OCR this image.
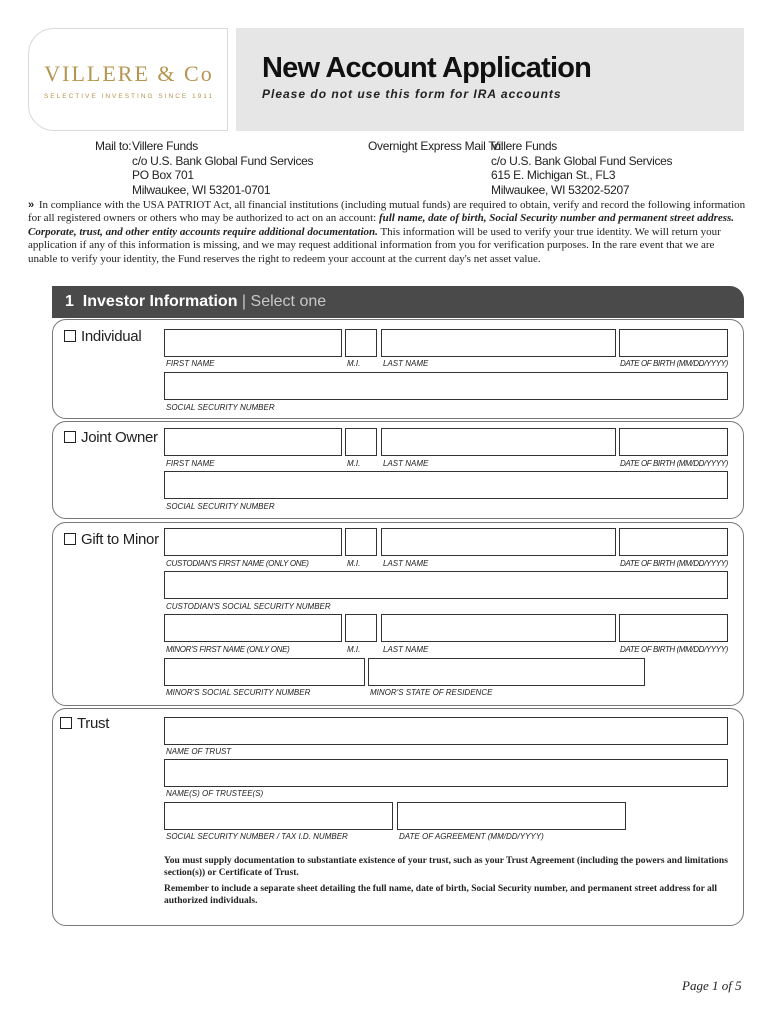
VILLERE & Co
SELECTIVE INVESTING SINCE 1911
New Account Application
Please do not use this form for IRA accounts
Mail to: Villere Funds
c/o U.S. Bank Global Fund Services
PO Box 701
Milwaukee, WI 53201-0701
Overnight Express Mail To:
Villere Funds
c/o U.S. Bank Global Fund Services
615 E. Michigan St., FL3
Milwaukee, WI 53202-5207
» In compliance with the USA PATRIOT Act, all financial institutions (including mutual funds) are required to obtain, verify and record the following information for all registered owners or others who may be authorized to act on an account: full name, date of birth, Social Security number and permanent street address. Corporate, trust, and other entity accounts require additional documentation. This information will be used to verify your true identity. We will return your application if any of this information is missing, and we may request additional information from you for verification purposes. In the rare event that we are unable to verify your identity, the Fund reserves the right to redeem your account at the current day's net asset value.
1 Investor Information | Select one
Individual
FIRST NAME	M.I.	LAST NAME	DATE OF BIRTH (MM/DD/YYYY)
SOCIAL SECURITY NUMBER
Joint Owner
FIRST NAME	M.I.	LAST NAME	DATE OF BIRTH (MM/DD/YYYY)
SOCIAL SECURITY NUMBER
Gift to Minor
CUSTODIAN'S FIRST NAME (ONLY ONE)	M.I.	LAST NAME	DATE OF BIRTH (MM/DD/YYYY)
CUSTODIAN'S SOCIAL SECURITY NUMBER
MINOR'S FIRST NAME (ONLY ONE)	M.I.	LAST NAME	DATE OF BIRTH (MM/DD/YYYY)
MINOR'S SOCIAL SECURITY NUMBER	MINOR'S STATE OF RESIDENCE
Trust
NAME OF TRUST
NAME(S) OF TRUSTEE(S)
SOCIAL SECURITY NUMBER / TAX I.D. NUMBER	DATE OF AGREEMENT (MM/DD/YYYY)
You must supply documentation to substantiate existence of your trust, such as your Trust Agreement (including the powers and limitations section(s)) or Certificate of Trust.
Remember to include a separate sheet detailing the full name, date of birth, Social Security number, and permanent street address for all authorized individuals.
Page 1 of 5
